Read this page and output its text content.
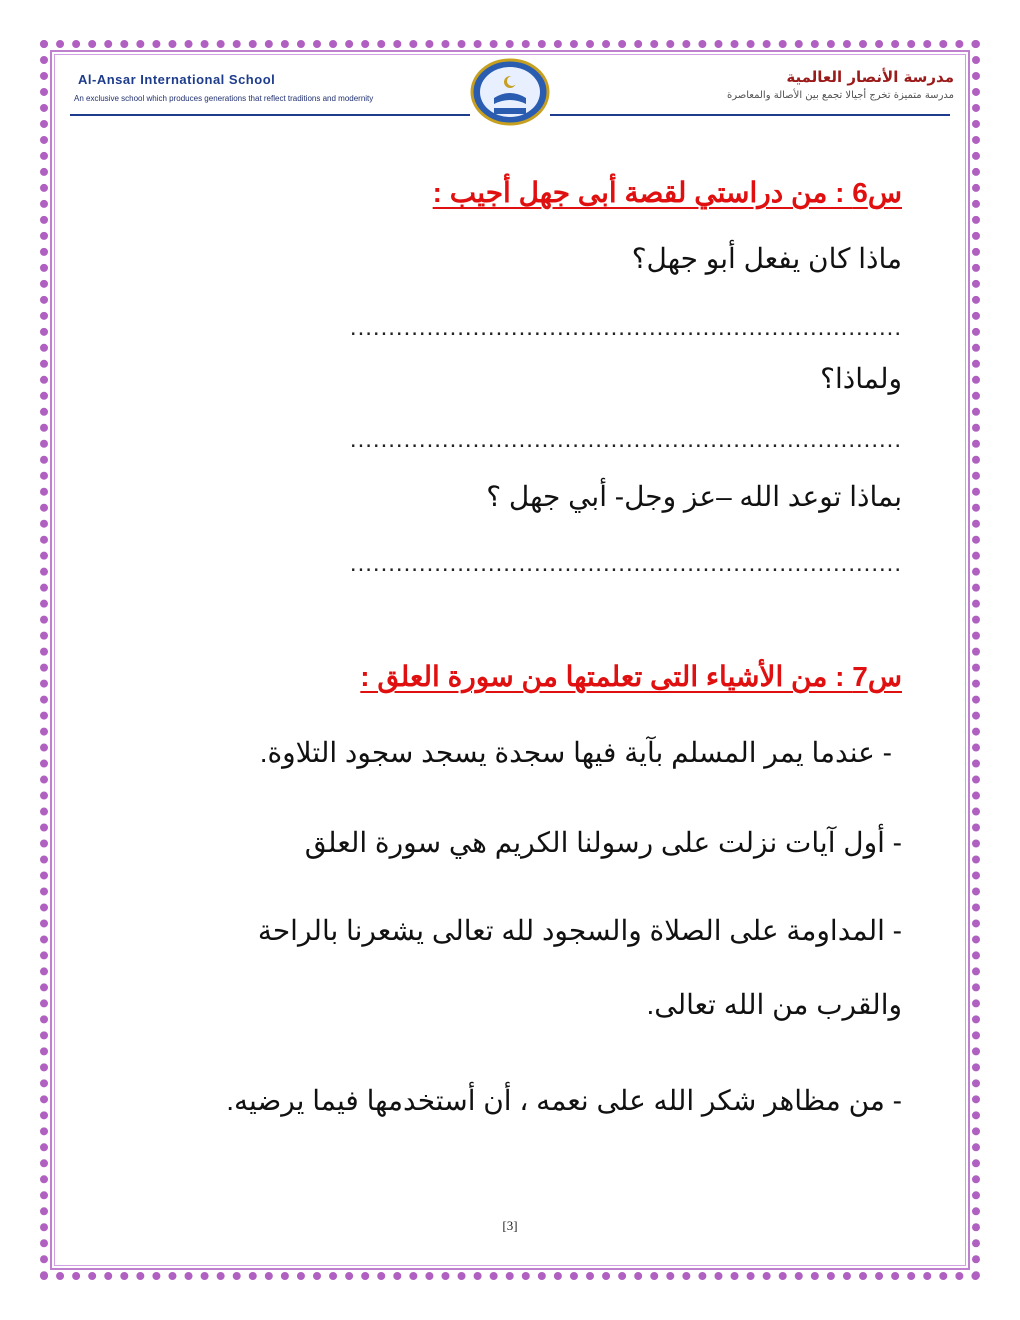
Al-Ansar International School
An exclusive school which produces generations that reflect traditions and modernity
مدرسة الأنصار العالمية
مدرسة متميزة تخرج أجيالا تجمع بين الأصالة والمعاصرة
س6 : من دراستي لقصة أبى جهل أجيب :
ماذا كان يفعل أبو جهل؟
........................................................................
ولماذا؟
........................................................................
بماذا توعد الله –عز وجل- أبي جهل ؟
........................................................................
س7 : من الأشياء التى تعلمتها من سورة العلق :
- عندما يمر المسلم بآية فيها سجدة يسجد سجود التلاوة.
- أول آيات نزلت على رسولنا الكريم هي سورة العلق
- المداومة على الصلاة والسجود لله تعالى يشعرنا بالراحة
والقرب من الله تعالى.
- من مظاهر شكر الله على نعمه ، أن أستخدمها فيما يرضيه.
[3]
